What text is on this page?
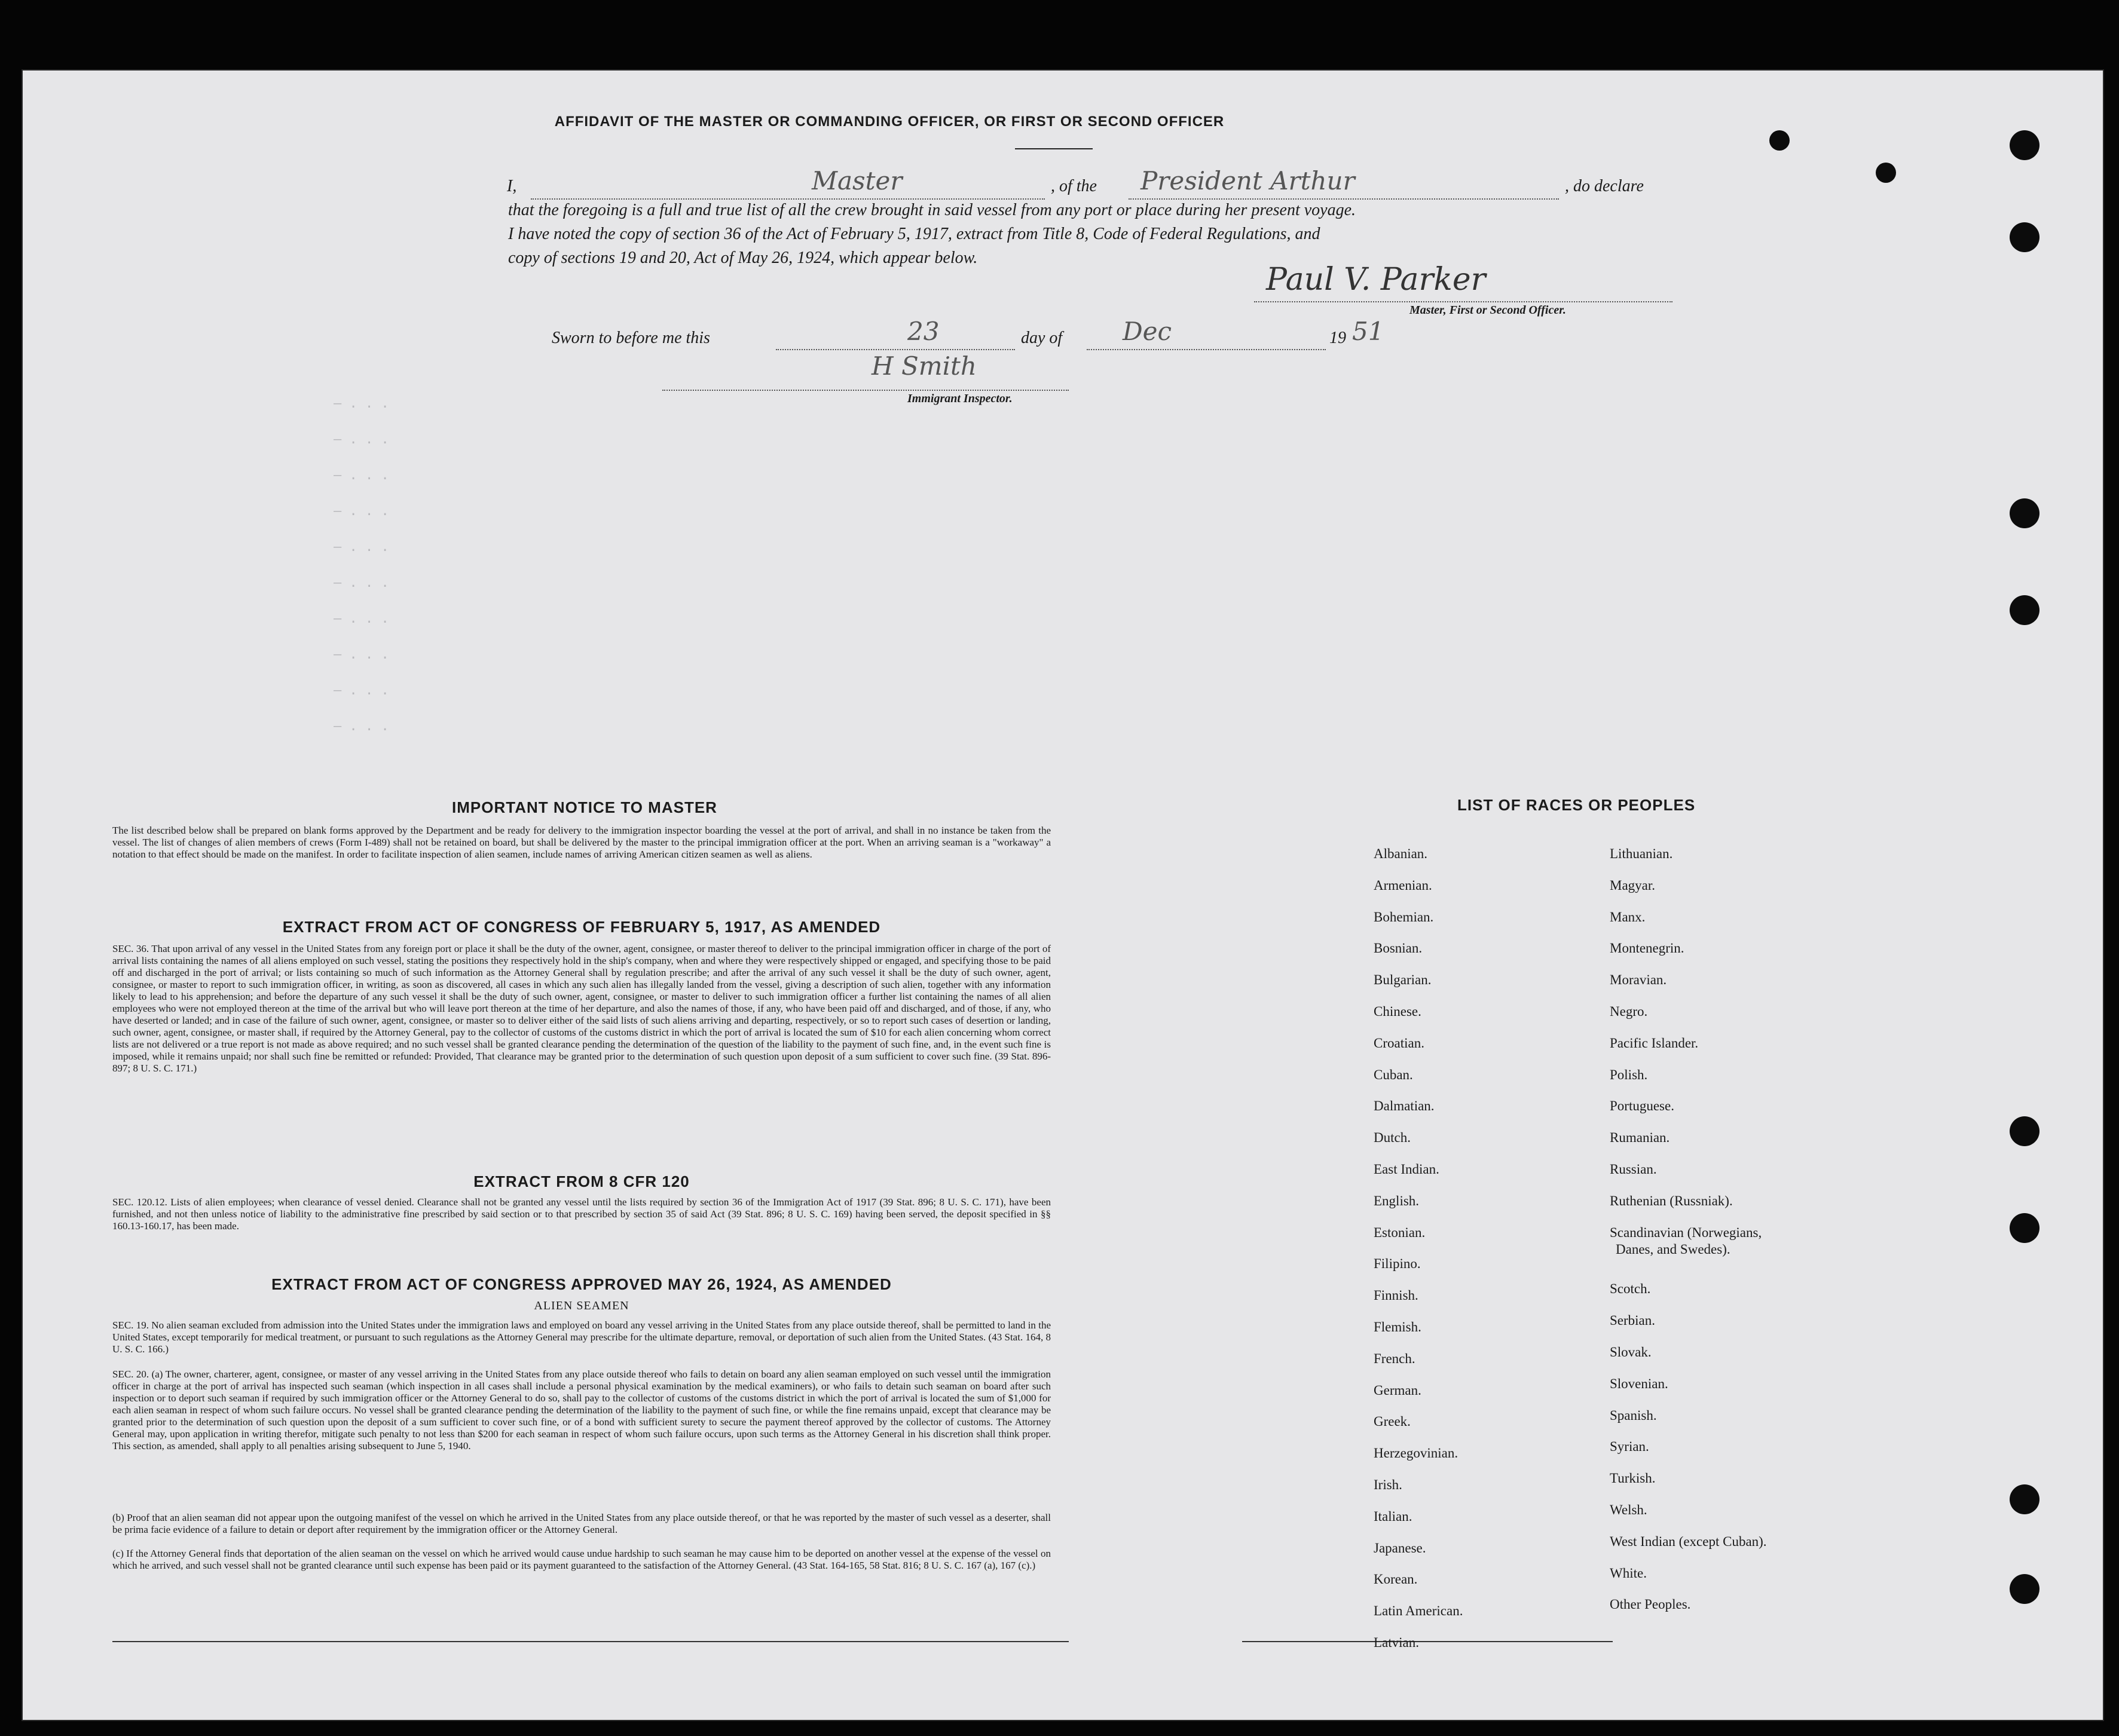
— . . .
— . . .
— . . .
— . . .
— . . .
— . . .
— . . .
— . . .
— . . .
— . . .
AFFIDAVIT OF THE MASTER OR COMMANDING OFFICER, OR FIRST OR SECOND OFFICER
I,	Master	, of the President Arthur	, do declare
that the foregoing is a full and true list of all the crew brought in said vessel from any port or place during her present voyage.
I have noted the copy of section 36 of the Act of February 5, 1917, extract from Title 8, Code of Federal Regulations, and
copy of sections 19 and 20, Act of May 26, 1924, which appear below.
Paul V. Parker
Master, First or Second Officer.
Sworn to before me this	23	day of Dec	19 51
H Smith
Immigrant Inspector.
IMPORTANT NOTICE TO MASTER
The list described below shall be prepared on blank forms approved by the Department and be ready for delivery to the immigration inspector boarding the vessel at the port of arrival, and shall in no instance be taken from the vessel. The list of changes of alien members of crews (Form I-489) shall not be retained on board, but shall be delivered by the master to the principal immigration officer at the port. When an arriving seaman is a "workaway" a notation to that effect should be made on the manifest. In order to facilitate inspection of alien seamen, include names of arriving American citizen seamen as well as aliens.
EXTRACT FROM ACT OF CONGRESS OF FEBRUARY 5, 1917, AS AMENDED
SEC. 36. That upon arrival of any vessel in the United States from any foreign port or place it shall be the duty of the owner, agent, consignee, or master thereof to deliver to the principal immigration officer in charge of the port of arrival lists containing the names of all aliens employed on such vessel, stating the positions they respectively hold in the ship's company, when and where they were respectively shipped or engaged, and specifying those to be paid off and discharged in the port of arrival; or lists containing so much of such information as the Attorney General shall by regulation prescribe; and after the arrival of any such vessel it shall be the duty of such owner, agent, consignee, or master to report to such immigration officer, in writing, as soon as discovered, all cases in which any such alien has illegally landed from the vessel, giving a description of such alien, together with any information likely to lead to his apprehension; and before the departure of any such vessel it shall be the duty of such owner, agent, consignee, or master to deliver to such immigration officer a further list containing the names of all alien employees who were not employed thereon at the time of the arrival but who will leave port thereon at the time of her departure, and also the names of those, if any, who have been paid off and discharged, and of those, if any, who have deserted or landed; and in case of the failure of such owner, agent, consignee, or master so to deliver either of the said lists of such aliens arriving and departing, respectively, or so to report such cases of desertion or landing, such owner, agent, consignee, or master shall, if required by the Attorney General, pay to the collector of customs of the customs district in which the port of arrival is located the sum of $10 for each alien concerning whom correct lists are not delivered or a true report is not made as above required; and no such vessel shall be granted clearance pending the determination of the question of the liability to the payment of such fine, and, in the event such fine is imposed, while it remains unpaid; nor shall such fine be remitted or refunded: Provided, That clearance may be granted prior to the determination of such question upon deposit of a sum sufficient to cover such fine. (39 Stat. 896-897; 8 U. S. C. 171.)
EXTRACT FROM 8 CFR 120
SEC. 120.12. Lists of alien employees; when clearance of vessel denied. Clearance shall not be granted any vessel until the lists required by section 36 of the Immigration Act of 1917 (39 Stat. 896; 8 U. S. C. 171), have been furnished, and not then unless notice of liability to the administrative fine prescribed by said section or to that prescribed by section 35 of said Act (39 Stat. 896; 8 U. S. C. 169) having been served, the deposit specified in §§ 160.13-160.17, has been made.
EXTRACT FROM ACT OF CONGRESS APPROVED MAY 26, 1924, AS AMENDED
ALIEN SEAMEN
SEC. 19. No alien seaman excluded from admission into the United States under the immigration laws and employed on board any vessel arriving in the United States from any place outside thereof, shall be permitted to land in the United States, except temporarily for medical treatment, or pursuant to such regulations as the Attorney General may prescribe for the ultimate departure, removal, or deportation of such alien from the United States. (43 Stat. 164, 8 U. S. C. 166.)
SEC. 20. (a) The owner, charterer, agent, consignee, or master of any vessel arriving in the United States from any place outside thereof who fails to detain on board any alien seaman employed on such vessel until the immigration officer in charge at the port of arrival has inspected such seaman (which inspection in all cases shall include a personal physical examination by the medical examiners), or who fails to detain such seaman on board after such inspection or to deport such seaman if required by such immigration officer or the Attorney General to do so, shall pay to the collector of customs of the customs district in which the port of arrival is located the sum of $1,000 for each alien seaman in respect of whom such failure occurs. No vessel shall be granted clearance pending the determination of the liability to the payment of such fine, or while the fine remains unpaid, except that clearance may be granted prior to the determination of such question upon the deposit of a sum sufficient to cover such fine, or of a bond with sufficient surety to secure the payment thereof approved by the collector of customs. The Attorney General may, upon application in writing therefor, mitigate such penalty to not less than $200 for each seaman in respect of whom such failure occurs, upon such terms as the Attorney General in his discretion shall think proper. This section, as amended, shall apply to all penalties arising subsequent to June 5, 1940.
(b) Proof that an alien seaman did not appear upon the outgoing manifest of the vessel on which he arrived in the United States from any place outside thereof, or that he was reported by the master of such vessel as a deserter, shall be prima facie evidence of a failure to detain or deport after requirement by the immigration officer or the Attorney General.
(c) If the Attorney General finds that deportation of the alien seaman on the vessel on which he arrived would cause undue hardship to such seaman he may cause him to be deported on another vessel at the expense of the vessel on which he arrived, and such vessel shall not be granted clearance until such expense has been paid or its payment guaranteed to the satisfaction of the Attorney General. (43 Stat. 164-165, 58 Stat. 816; 8 U. S. C. 167 (a), 167 (c).)
LIST OF RACES OR PEOPLES
Albanian.
Armenian.
Bohemian.
Bosnian.
Bulgarian.
Chinese.
Croatian.
Cuban.
Dalmatian.
Dutch.
East Indian.
English.
Estonian.
Filipino.
Finnish.
Flemish.
French.
German.
Greek.
Herzegovinian.
Irish.
Italian.
Japanese.
Korean.
Latin American.
Latvian.
Lithuanian.
Magyar.
Manx.
Montenegrin.
Moravian.
Negro.
Pacific Islander.
Polish.
Portuguese.
Rumanian.
Russian.
Ruthenian (Russniak).
Scandinavian (Norwegians,
Danes, and Swedes).
Scotch.
Serbian.
Slovak.
Slovenian.
Spanish.
Syrian.
Turkish.
Welsh.
West Indian (except Cuban).
White.
Other Peoples.
